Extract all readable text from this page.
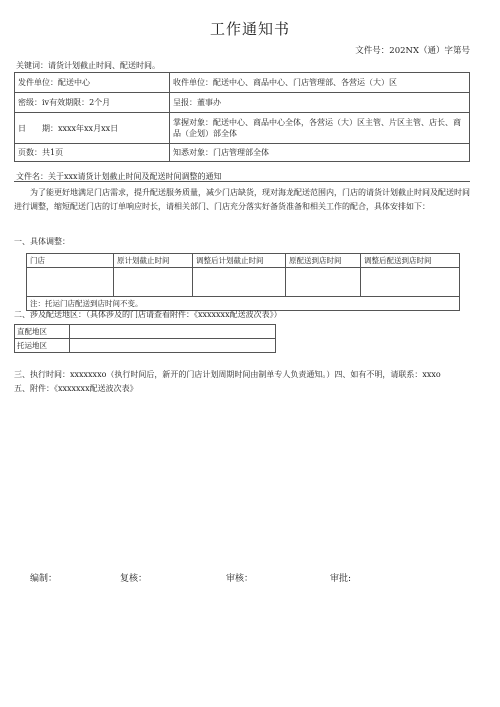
工作通知书
文件号：202NX（通）字第号
关键词：请货计划截止时间、配送时间。
发件单位：配送中心	收件单位：配送中心、商品中心、门店管理部、各营运（大）区
密级：iv有效期限：2个月	呈报：董事办
日　　期：xxxx年xx月xx日	掌握对象：配送中心、商品中心全体，各营运（大）区主管、片区主管、店长、商品（企划）部全体
页数：共1页	知悉对象：门店管理部全体
文件名：关于xxx请货计划截止时间及配送时间调整的通知
为了能更好地满足门店需求，提升配送服务质量，减少门店缺货，现对海龙配送范围内，门店的请货计划截止时间及配送时间进行调整，缩短配送门店的订单响应时长，请相关部门、门店充分落实好备货准备和相关工作的配合，具体安排如下：
一、具体调整：
门店	原计划截止时间	调整后计划截止时间	原配送到店时间	调整后配送到店时间

注：托运门店配送到店时间不变。				
二、涉及配送地区：（具体涉及的门店请查看附件：《xxxxxxx配送波次表》）
直配地区	
托运地区	
三、执行时间：xxxxxxxo（执行时间后，新开的门店计划周期时间由制单专人负责通知。）四、如有不明，请联系：xxxo
五、附件：《xxxxxxx配送波次表》
编制：	复核：	审核：	审批:
